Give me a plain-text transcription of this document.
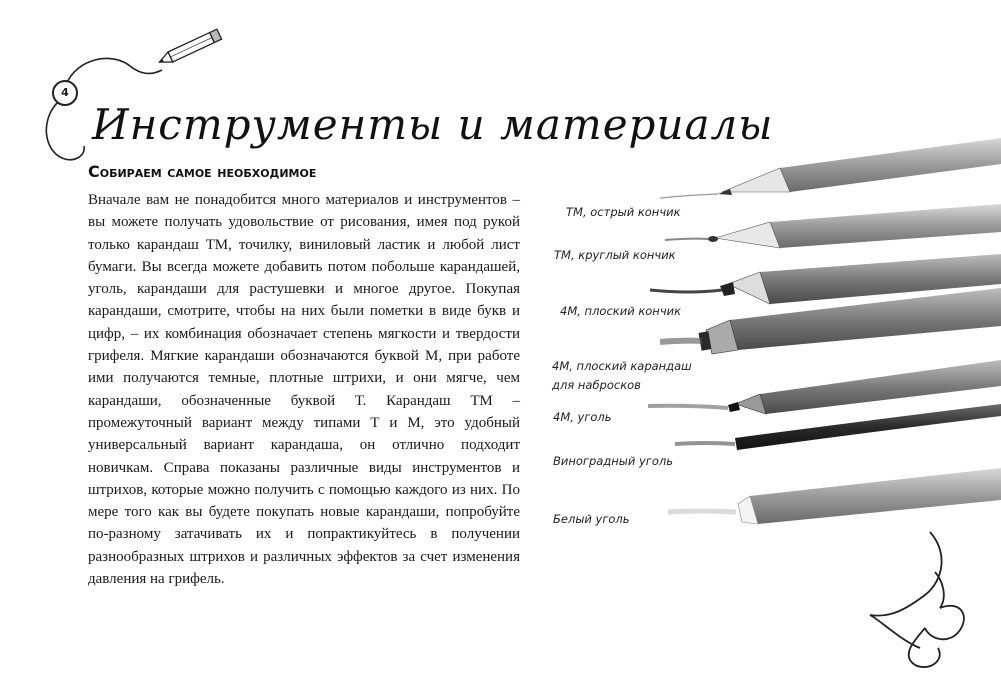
4
Инструменты и материалы
Собираем самое необходимое
Вначале вам не понадобится много материалов и инструментов – вы можете получать удовольствие от рисования, имея под рукой только карандаш ТМ, точилку, виниловый ластик и любой лист бумаги. Вы всегда можете добавить потом побольше карандашей, уголь, карандаши для растушевки и многое другое. Покупая карандаши, смотрите, чтобы на них были пометки в виде букв и цифр, – их комбинация обозначает степень мягкости и твердости грифеля. Мягкие карандаши обозначаются буквой М, при работе ими получаются темные, плотные штрихи, и они мягче, чем карандаши, обозначенные буквой Т. Карандаш ТМ – промежуточный вариант между типами Т и М, это удобный универсальный вариант карандаша, он отлично подходит новичкам. Справа показаны различные виды инструментов и штрихов, которые можно получить с помощью каждого из них. По мере того как вы будете покупать новые карандаши, попробуйте по-разному затачивать их и попрактикуйтесь в получении разнообразных штрихов и различных эффектов за счет изменения давления на грифель.
ТМ, острый кончик
ТМ, круглый кончик
4М, плоский кончик
4М, плоский карандаш
для набросков
4М, уголь
Виноградный уголь
Белый уголь
